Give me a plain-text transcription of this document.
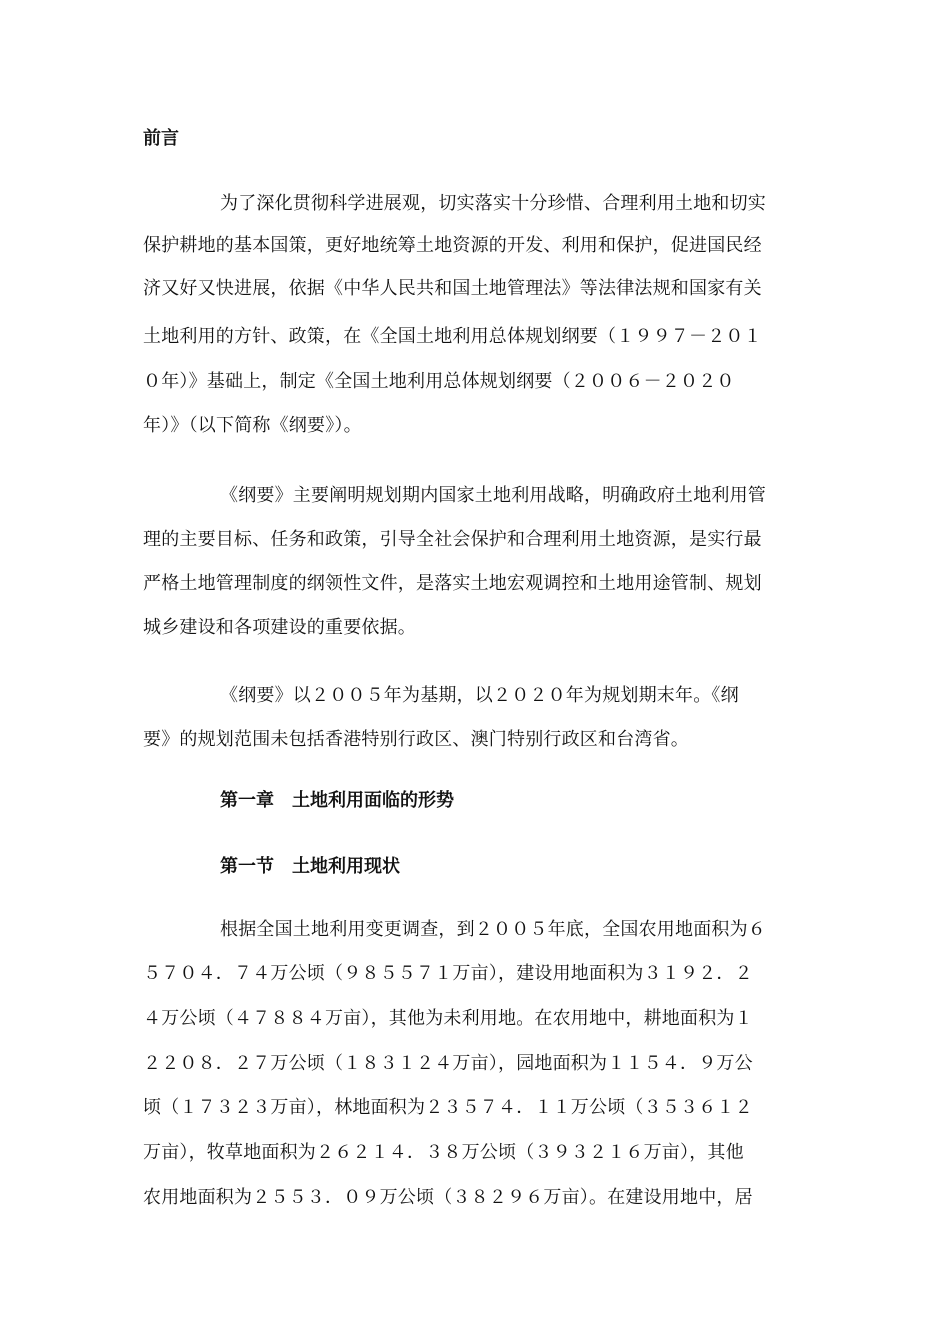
前言
为了深化贯彻科学进展观，切实落实十分珍惜、合理利用土地和切实
保护耕地的基本国策，更好地统筹土地资源的开发、利用和保护，促进国民经
济又好又快进展，依据《中华人民共和国土地管理法》等法律法规和国家有关
土地利用的方针、政策，在《全国土地利用总体规划纲要（１９９７－２０１
０年）》基础上，制定《全国土地利用总体规划纲要（２００６－２０２０
年）》（以下简称《纲要》）。
《纲要》主要阐明规划期内国家土地利用战略，明确政府土地利用管
理的主要目标、任务和政策，引导全社会保护和合理利用土地资源，是实行最
严格土地管理制度的纲领性文件，是落实土地宏观调控和土地用途管制、规划
城乡建设和各项建设的重要依据。
《纲要》以２００５年为基期，以２０２０年为规划期末年。《纲
要》的规划范围未包括香港特别行政区、澳门特别行政区和台湾省。
第一章　土地利用面临的形势
第一节　土地利用现状
根据全国土地利用变更调查，到２００５年底，全国农用地面积为６
５７０４．７４万公顷（９８５５７１万亩），建设用地面积为３１９２．２
４万公顷（４７８８４万亩），其他为未利用地。在农用地中，耕地面积为１
２２０８．２７万公顷（１８３１２４万亩），园地面积为１１５４．９万公
顷（１７３２３万亩），林地面积为２３５７４．１１万公顷（３５３６１２
万亩），牧草地面积为２６２１４．３８万公顷（３９３２１６万亩），其他
农用地面积为２５５３．０９万公顷（３８２９６万亩）。在建设用地中，居
